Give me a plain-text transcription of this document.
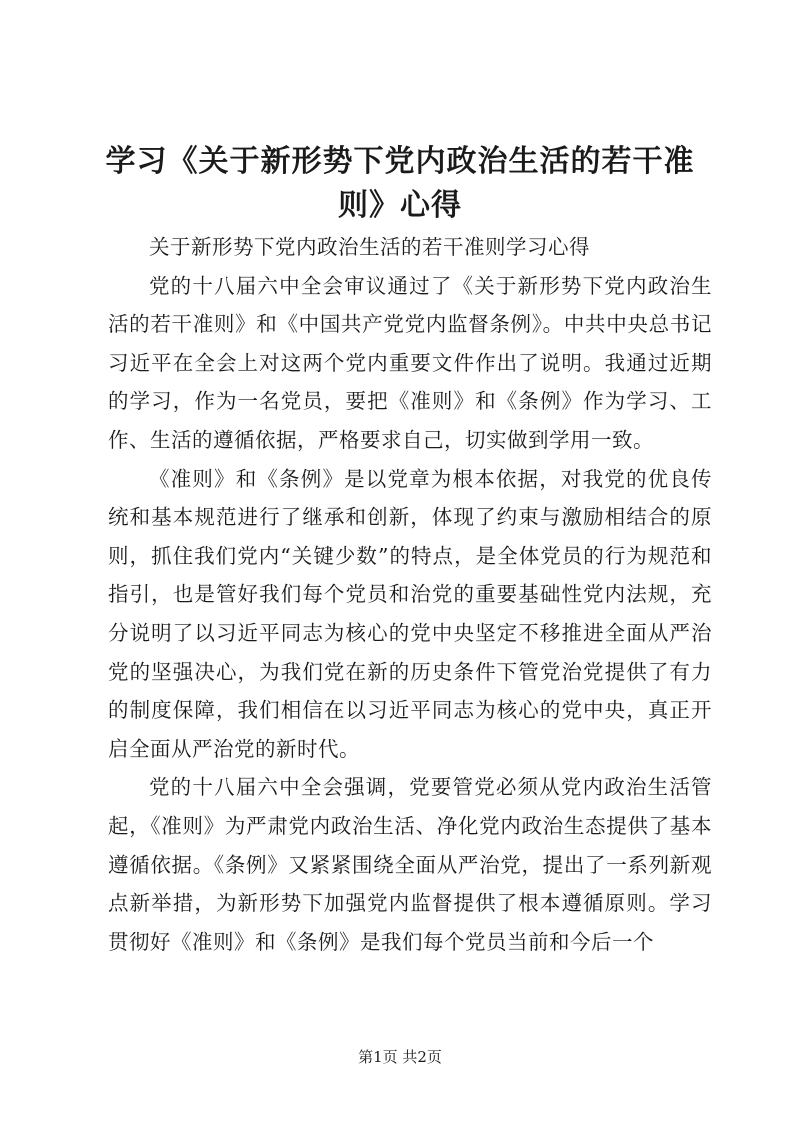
学习《关于新形势下党内政治生活的若干准则》心得

关于新形势下党内政治生活的若干准则学习心得

党的十八届六中全会审议通过了《关于新形势下党内政治生活的若干准则》和《中国共产党党内监督条例》。中共中央总书记习近平在全会上对这两个党内重要文件作出了说明。我通过近期的学习，作为一名党员，要把《准则》和《条例》作为学习、工作、生活的遵循依据，严格要求自己，切实做到学用一致。

《准则》和《条例》是以党章为根本依据，对我党的优良传统和基本规范进行了继承和创新，体现了约束与激励相结合的原则，抓住我们党内“关键少数”的特点，是全体党员的行为规范和指引，也是管好我们每个党员和治党的重要基础性党内法规，充分说明了以习近平同志为核心的党中央坚定不移推进全面从严治党的坚强决心，为我们党在新的历史条件下管党治党提供了有力的制度保障，我们相信在以习近平同志为核心的党中央，真正开启全面从严治党的新时代。

党的十八届六中全会强调，党要管党必须从党内政治生活管起，《准则》为严肃党内政治生活、净化党内政治生态提供了基本遵循依据。《条例》又紧紧围绕全面从严治党，提出了一系列新观点新举措，为新形势下加强党内监督提供了根本遵循原则。学习贯彻好《准则》和《条例》是我们每个党员当前和今后一个

第1页 共2页
